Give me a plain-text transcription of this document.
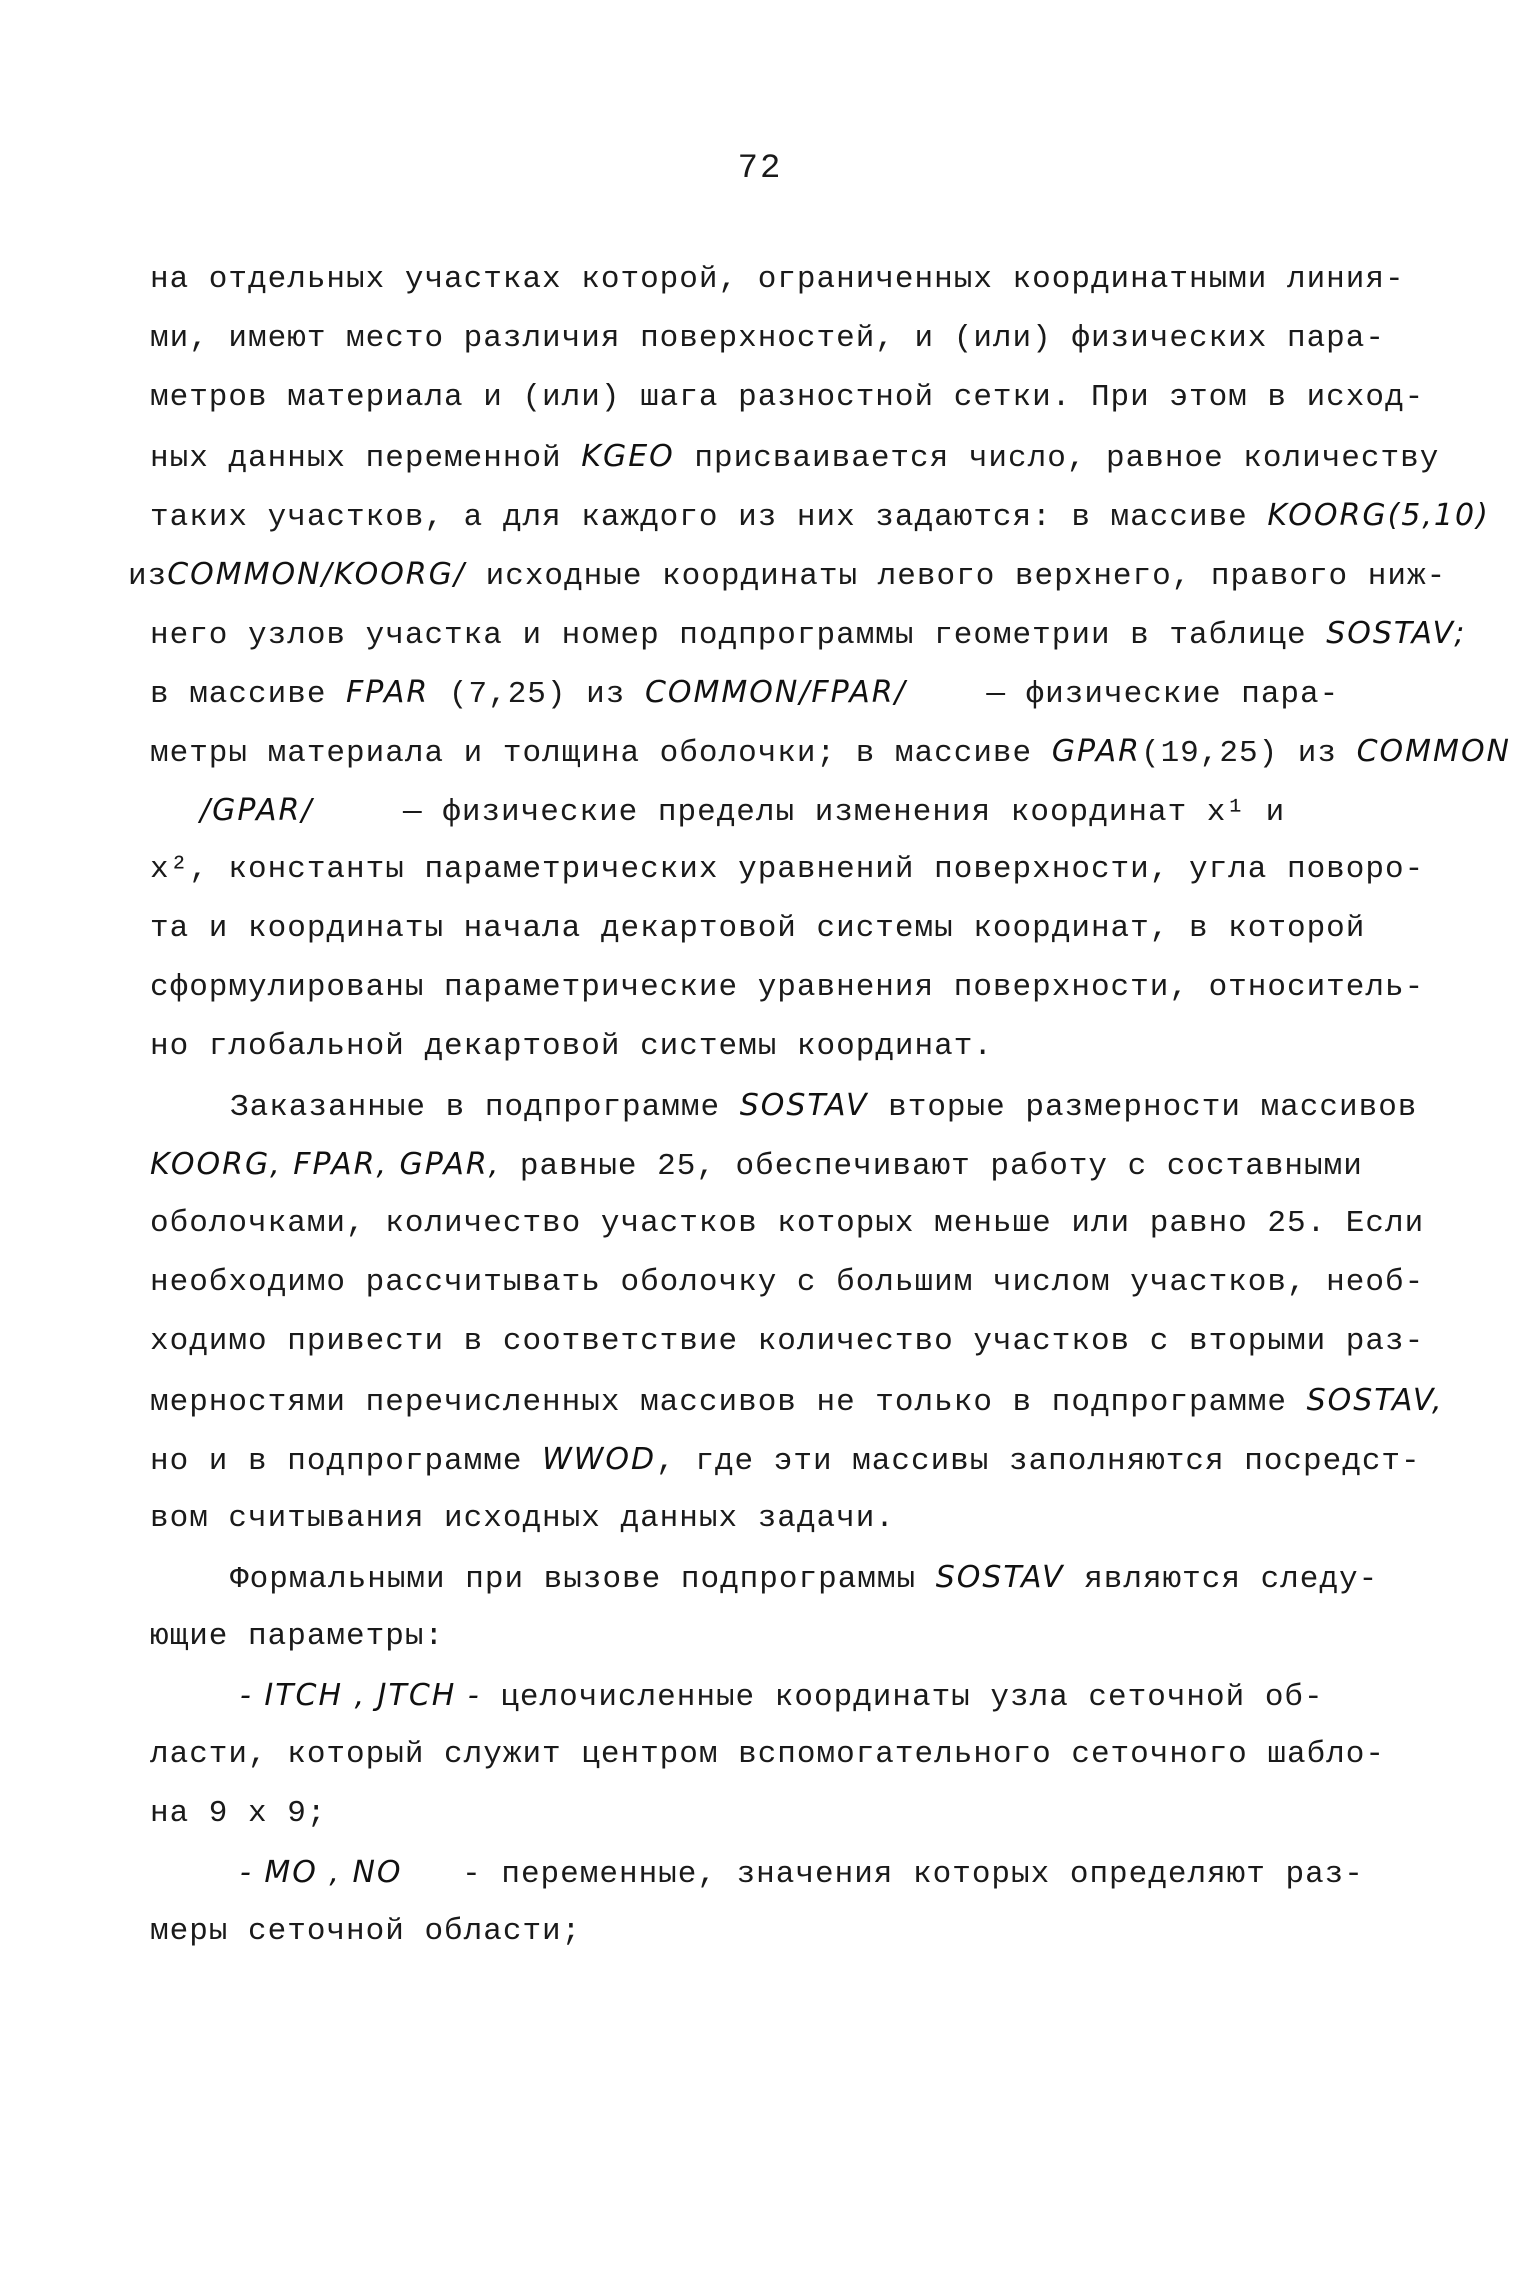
72
на отдельных участках которой, ограниченных координатными линия-
ми, имеют место различия поверхностей, и (или) физических пара-
метров материала и (или) шага разностной сетки. При этом в исход-
ных данных переменной KGEO присваивается число, равное количеству
таких участков, а для каждого из них задаются: в массиве KOORG(5,10)
изCOMMON/KOORG/ исходные координаты левого верхнего, правого ниж-
него узлов участка и номер подпрограммы геометрии в таблице SOSTAV;
в массиве FPAR (7,25) из COMMON/FPAR/	— физические пара-
метры материала и толщина оболочки; в массиве GPAR(19,25) из COMMON
/GPAR/	— физические пределы изменения координат x¹ и
x², константы параметрических уравнений поверхности, угла поворо-
та и координаты начала декартовой системы координат, в которой
сформулированы параметрические уравнения поверхности, относитель-
но глобальной декартовой системы координат.
Заказанные в подпрограмме SOSTAV вторые размерности массивов
KOORG, FPAR, GPAR, равные 25, обеспечивают работу с составными
оболочками, количество участков которых меньше или равно 25. Если
необходимо рассчитывать оболочку с большим числом участков, необ-
ходимо привести в соответствие количество участков с вторыми раз-
мерностями перечисленных массивов не только в подпрограмме SOSTAV,
но и в подпрограмме WWOD, где эти массивы заполняются посредст-
вом считывания исходных данных задачи.
Формальными при вызове подпрограммы SOSTAV являются следу-
ющие параметры:
- ITCH , JTCH - целочисленные координаты узла сеточной об-
ласти, который служит центром вспомогательного сеточного шабло-
на 9 x 9;
- MO , NO - переменные, значения которых определяют раз-
меры сеточной области;
